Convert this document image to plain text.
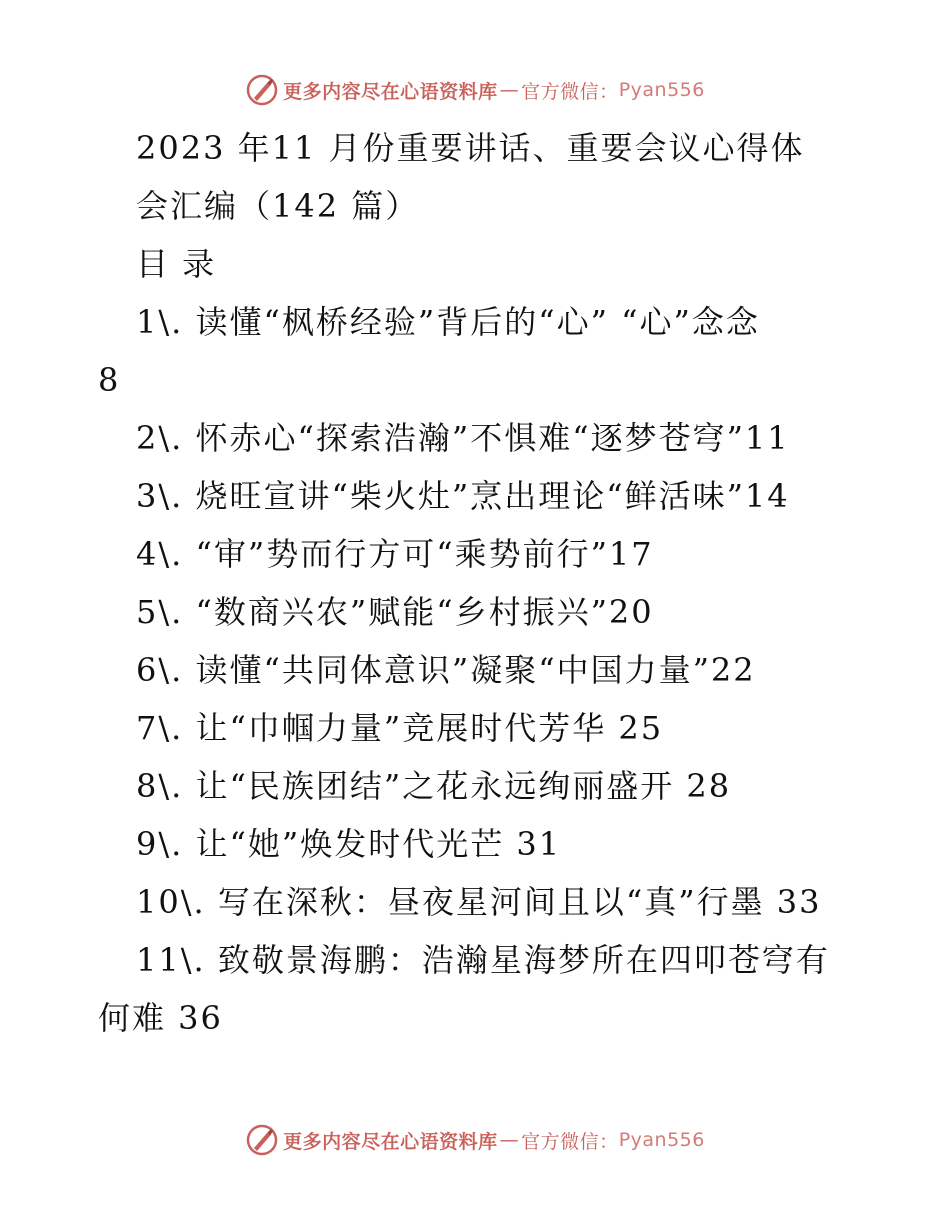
更多内容尽在心语资料库 — 官方微信： Pyan556
2023 年11 月份重要讲话、重要会议心得体
会汇编（142 篇）
目 录
1\. 读懂“枫桥经验”背后的“心” “心”念念
8
2\. 怀赤心“探索浩瀚”不惧难“逐梦苍穹”11
3\. 烧旺宣讲“柴火灶”烹出理论“鲜活味”14
4\. “审”势而行方可“乘势前行”17
5\. “数商兴农”赋能“乡村振兴”20
6\. 读懂“共同体意识”凝聚“中国力量”22
7\. 让“巾帼力量”竞展时代芳华 25
8\. 让“民族团结”之花永远绚丽盛开 28
9\. 让“她”焕发时代光芒 31
10\. 写在深秋：昼夜星河间且以“真”行墨 33
11\. 致敬景海鹏：浩瀚星海梦所在四叩苍穹有
何难 36
更多内容尽在心语资料库 — 官方微信： Pyan556
